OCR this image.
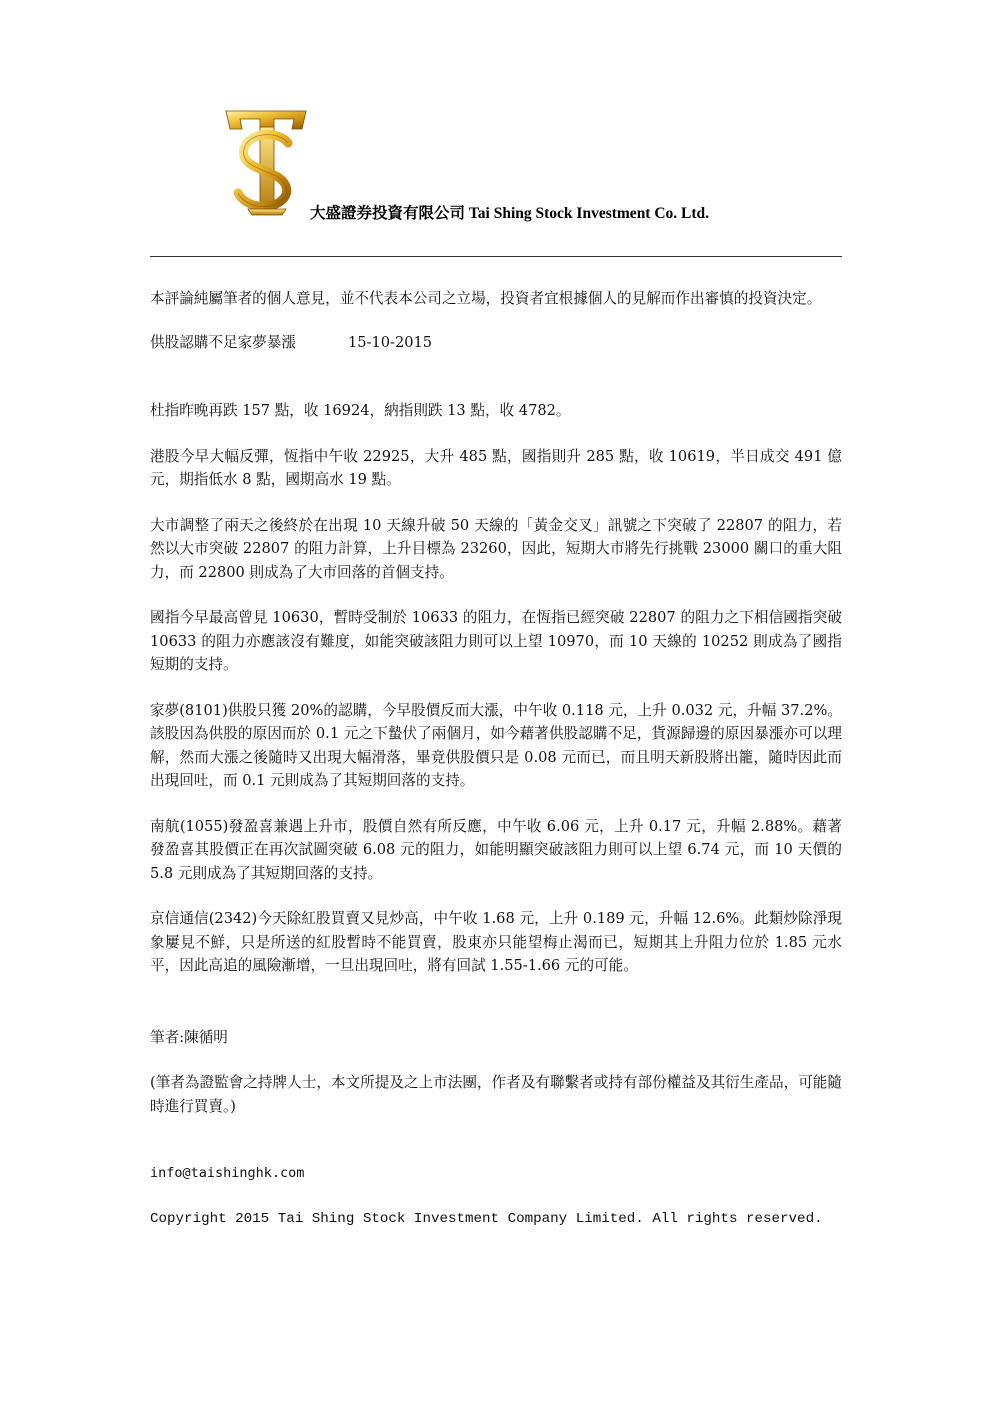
大盛證券投資有限公司 Tai Shing Stock Investment Co. Ltd.

本評論純屬筆者的個人意見，並不代表本公司之立場，投資者宜根據個人的見解而作出審慎的投資決定。

供股認購不足家夢暴漲	15-10-2015

杜指昨晚再跌 157 點，收 16924，納指則跌 13 點，收 4782。

港股今早大幅反彈，恆指中午收 22925，大升 485 點，國指則升 285 點，收 10619，半日成交 491 億元，期指低水 8 點，國期高水 19 點。

大市調整了兩天之後終於在出現 10 天線升破 50 天線的「黃金交叉」訊號之下突破了 22807 的阻力，若然以大市突破 22807 的阻力計算，上升目標為 23260，因此，短期大市將先行挑戰 23000 關口的重大阻力，而 22800 則成為了大市回落的首個支持。

國指今早最高曾見 10630，暫時受制於 10633 的阻力，在恆指已經突破 22807 的阻力之下相信國指突破 10633 的阻力亦應該沒有難度，如能突破該阻力則可以上望 10970，而 10 天線的 10252 則成為了國指短期的支持。

家夢(8101)供股只獲 20%的認購，今早股價反而大漲，中午收 0.118 元，上升 0.032 元，升幅 37.2%。該股因為供股的原因而於 0.1 元之下蟄伏了兩個月，如今藉著供股認購不足，貨源歸邊的原因暴漲亦可以理解，然而大漲之後隨時又出現大幅滑落，畢竟供股價只是 0.08 元而已，而且明天新股將出籠，隨時因此而出現回吐，而 0.1 元則成為了其短期回落的支持。

南航(1055)發盈喜兼遇上升市，股價自然有所反應，中午收 6.06 元，上升 0.17 元，升幅 2.88%。藉著發盈喜其股價正在再次試圖突破 6.08 元的阻力，如能明顯突破該阻力則可以上望 6.74 元，而 10 天價的 5.8 元則成為了其短期回落的支持。

京信通信(2342)今天除紅股買賣又見炒高，中午收 1.68 元，上升 0.189 元，升幅 12.6%。此類炒除淨現象屢見不鮮，只是所送的紅股暫時不能買賣，股東亦只能望梅止渴而已，短期其上升阻力位於 1.85 元水平，因此高追的風險漸增，一旦出現回吐，將有回試 1.55-1.66 元的可能。

筆者:陳循明

(筆者為證監會之持牌人士，本文所提及之上市法團，作者及有聯繫者或持有部份權益及其衍生產品，可能隨時進行買賣。)

info@taishinghk.com
Copyright 2015 Tai Shing Stock Investment Company Limited. All rights reserved.
